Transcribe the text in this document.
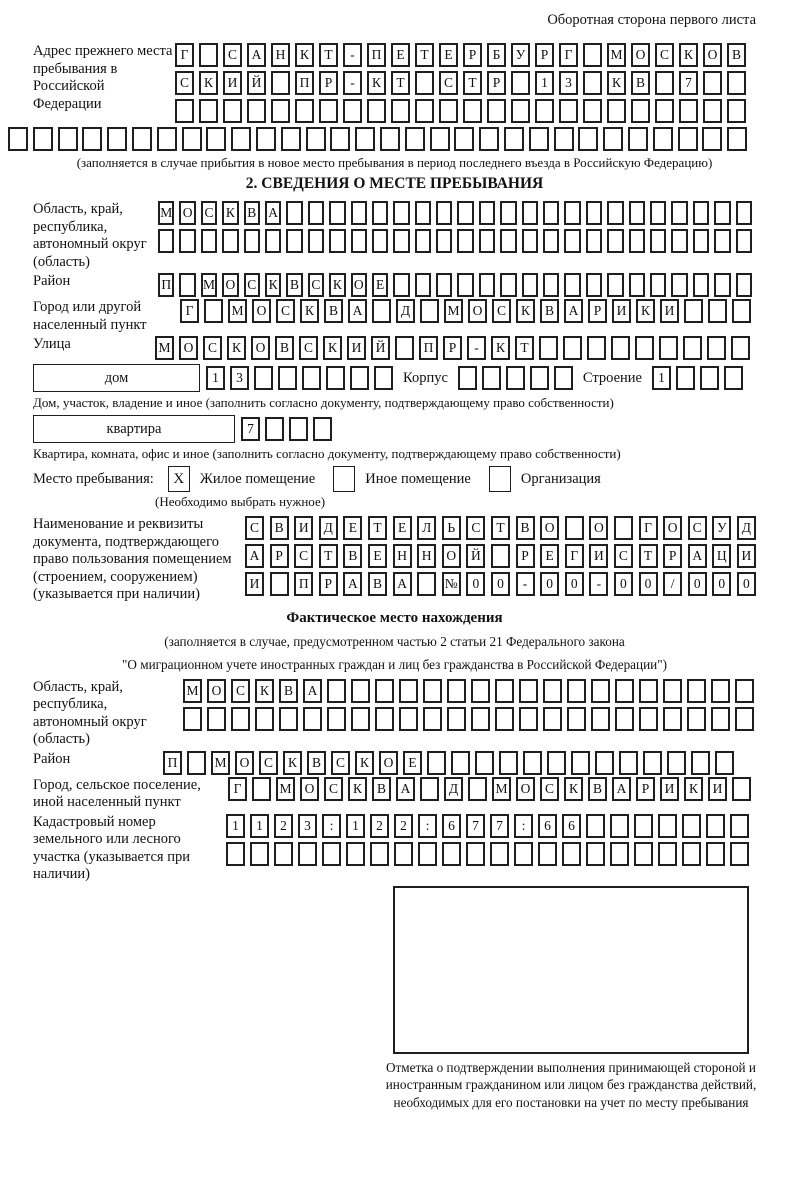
Оборотная сторона первого листа
Адрес прежнего места пребывания в Российской Федерации
Г	С	А	Н	К	Т	-	П	Е	Т	Е	Р	Б	У	Р	Г	М О	С	К	О	В
С	К	И	Й	П	Р	-	К	Т	С	Т	Р	1	3	К	В	7
(заполняется в случае прибытия в новое место пребывания в период последнего въезда в Российскую Федерацию)
2. СВЕДЕНИЯ О МЕСТЕ ПРЕБЫВАНИЯ
Область, край, республика, автономный округ (область)
М О С К В А
Район	П М О С К В С К О Е
Город или другой населенный пункт
Г	М О	С	К	В	А	Д	М О	С	К	В	А	Р	И	К	И
Улица	М О	С	К	О	В	С	К	И	Й	П	Р	-	К	Т
дом	1	3	Корпус	Строение	1
Дом, участок, владение и иное (заполнить согласно документу, подтверждающему право собственности)
квартира	7
Квартира, комната, офис и иное (заполнить согласно документу, подтверждающему право собственности)
Место пребывания:	X	Жилое помещение	Иное помещение	Организация
(Необходимо выбрать нужное)
Наименование и реквизиты документа, подтверждающего право пользования помещением (строением, сооружением) (указывается при наличии)
С	В	И	Д	Е	Т	Е	Л	Ь	С	Т	В	О	О	Г	О	С	У	Д
А	Р	С	Т	В	Е	Н	Н	О	Й	Р	Е	Г	И	С	Т	Р	А	Ц	И
И	П	Р	А	В	А	№	0	0	-	0	0	-	0	0	/	0	0	0
Фактическое место нахождения
(заполняется в случае, предусмотренном частью 2 статьи 21 Федерального закона
"О миграционном учете иностранных граждан и лиц без гражданства в Российской Федерации")
Область, край, республика, автономный округ (область)
М О	С	К	В	А
Район	П	М О	С	К	В	С	К	О	Е
Город, сельское поселение, иной населенный пункт
Г	М О	С	К	В	А	Д	М О	С	К	В	А	Р	И	К	И
Кадастровый номер земельного или лесного участка (указывается при наличии)
1	1	2	3	:	1	2	2	:	6	7	7	:	6	6
Отметка о подтверждении выполнения принимающей стороной и иностранным гражданином или лицом без гражданства действий, необходимых для его постановки на учет по месту пребывания
